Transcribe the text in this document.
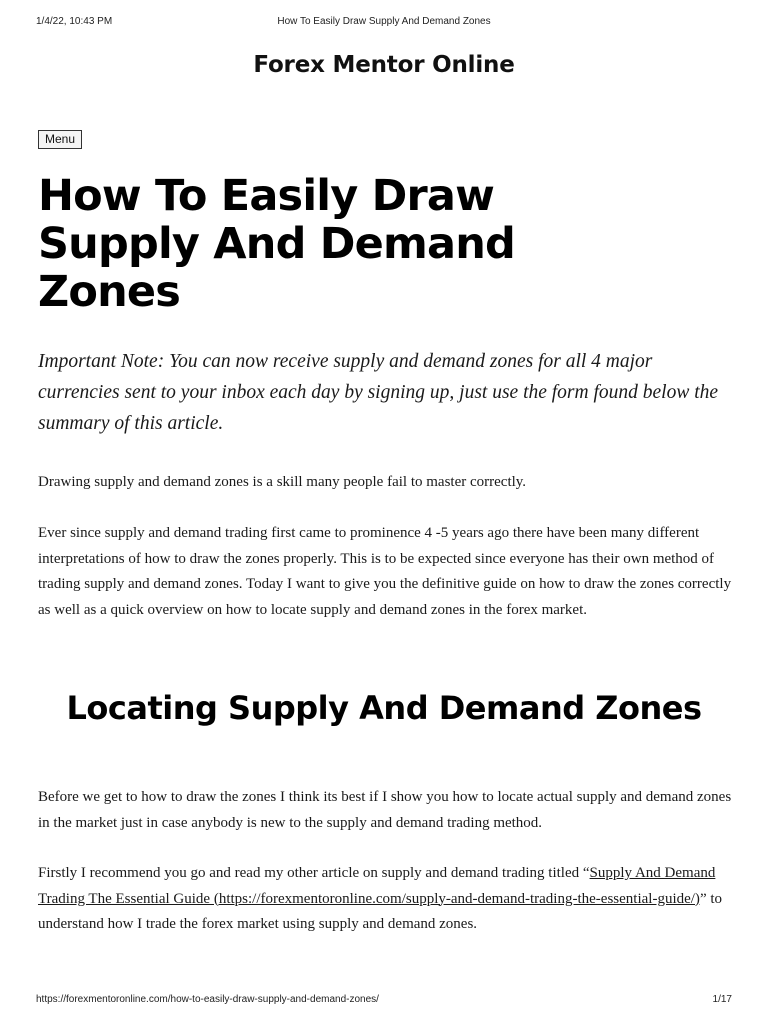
1/4/22, 10:43 PM	How To Easily Draw Supply And Demand Zones
Forex Mentor Online
Menu
How To Easily Draw Supply And Demand Zones

Important Note: You can now receive supply and demand zones for all 4 major currencies sent to your inbox each day by signing up, just use the form found below the summary of this article.

Drawing supply and demand zones is a skill many people fail to master correctly.

Ever since supply and demand trading first came to prominence 4 -5 years ago there have been many different interpretations of how to draw the zones properly. This is to be expected since everyone has their own method of trading supply and demand zones. Today I want to give you the definitive guide on how to draw the zones correctly as well as a quick overview on how to locate supply and demand zones in the forex market.

Locating Supply And Demand Zones

Before we get to how to draw the zones I think its best if I show you how to locate actual supply and demand zones in the market just in case anybody is new to the supply and demand trading method.

Firstly I recommend you go and read my other article on supply and demand trading titled “Supply And Demand Trading The Essential Guide (https://forexmentoronline.com/supply-and-demand-trading-the-essential-guide/)” to understand how I trade the forex market using supply and demand zones.

https://forexmentoronline.com/how-to-easily-draw-supply-and-demand-zones/	1/17
